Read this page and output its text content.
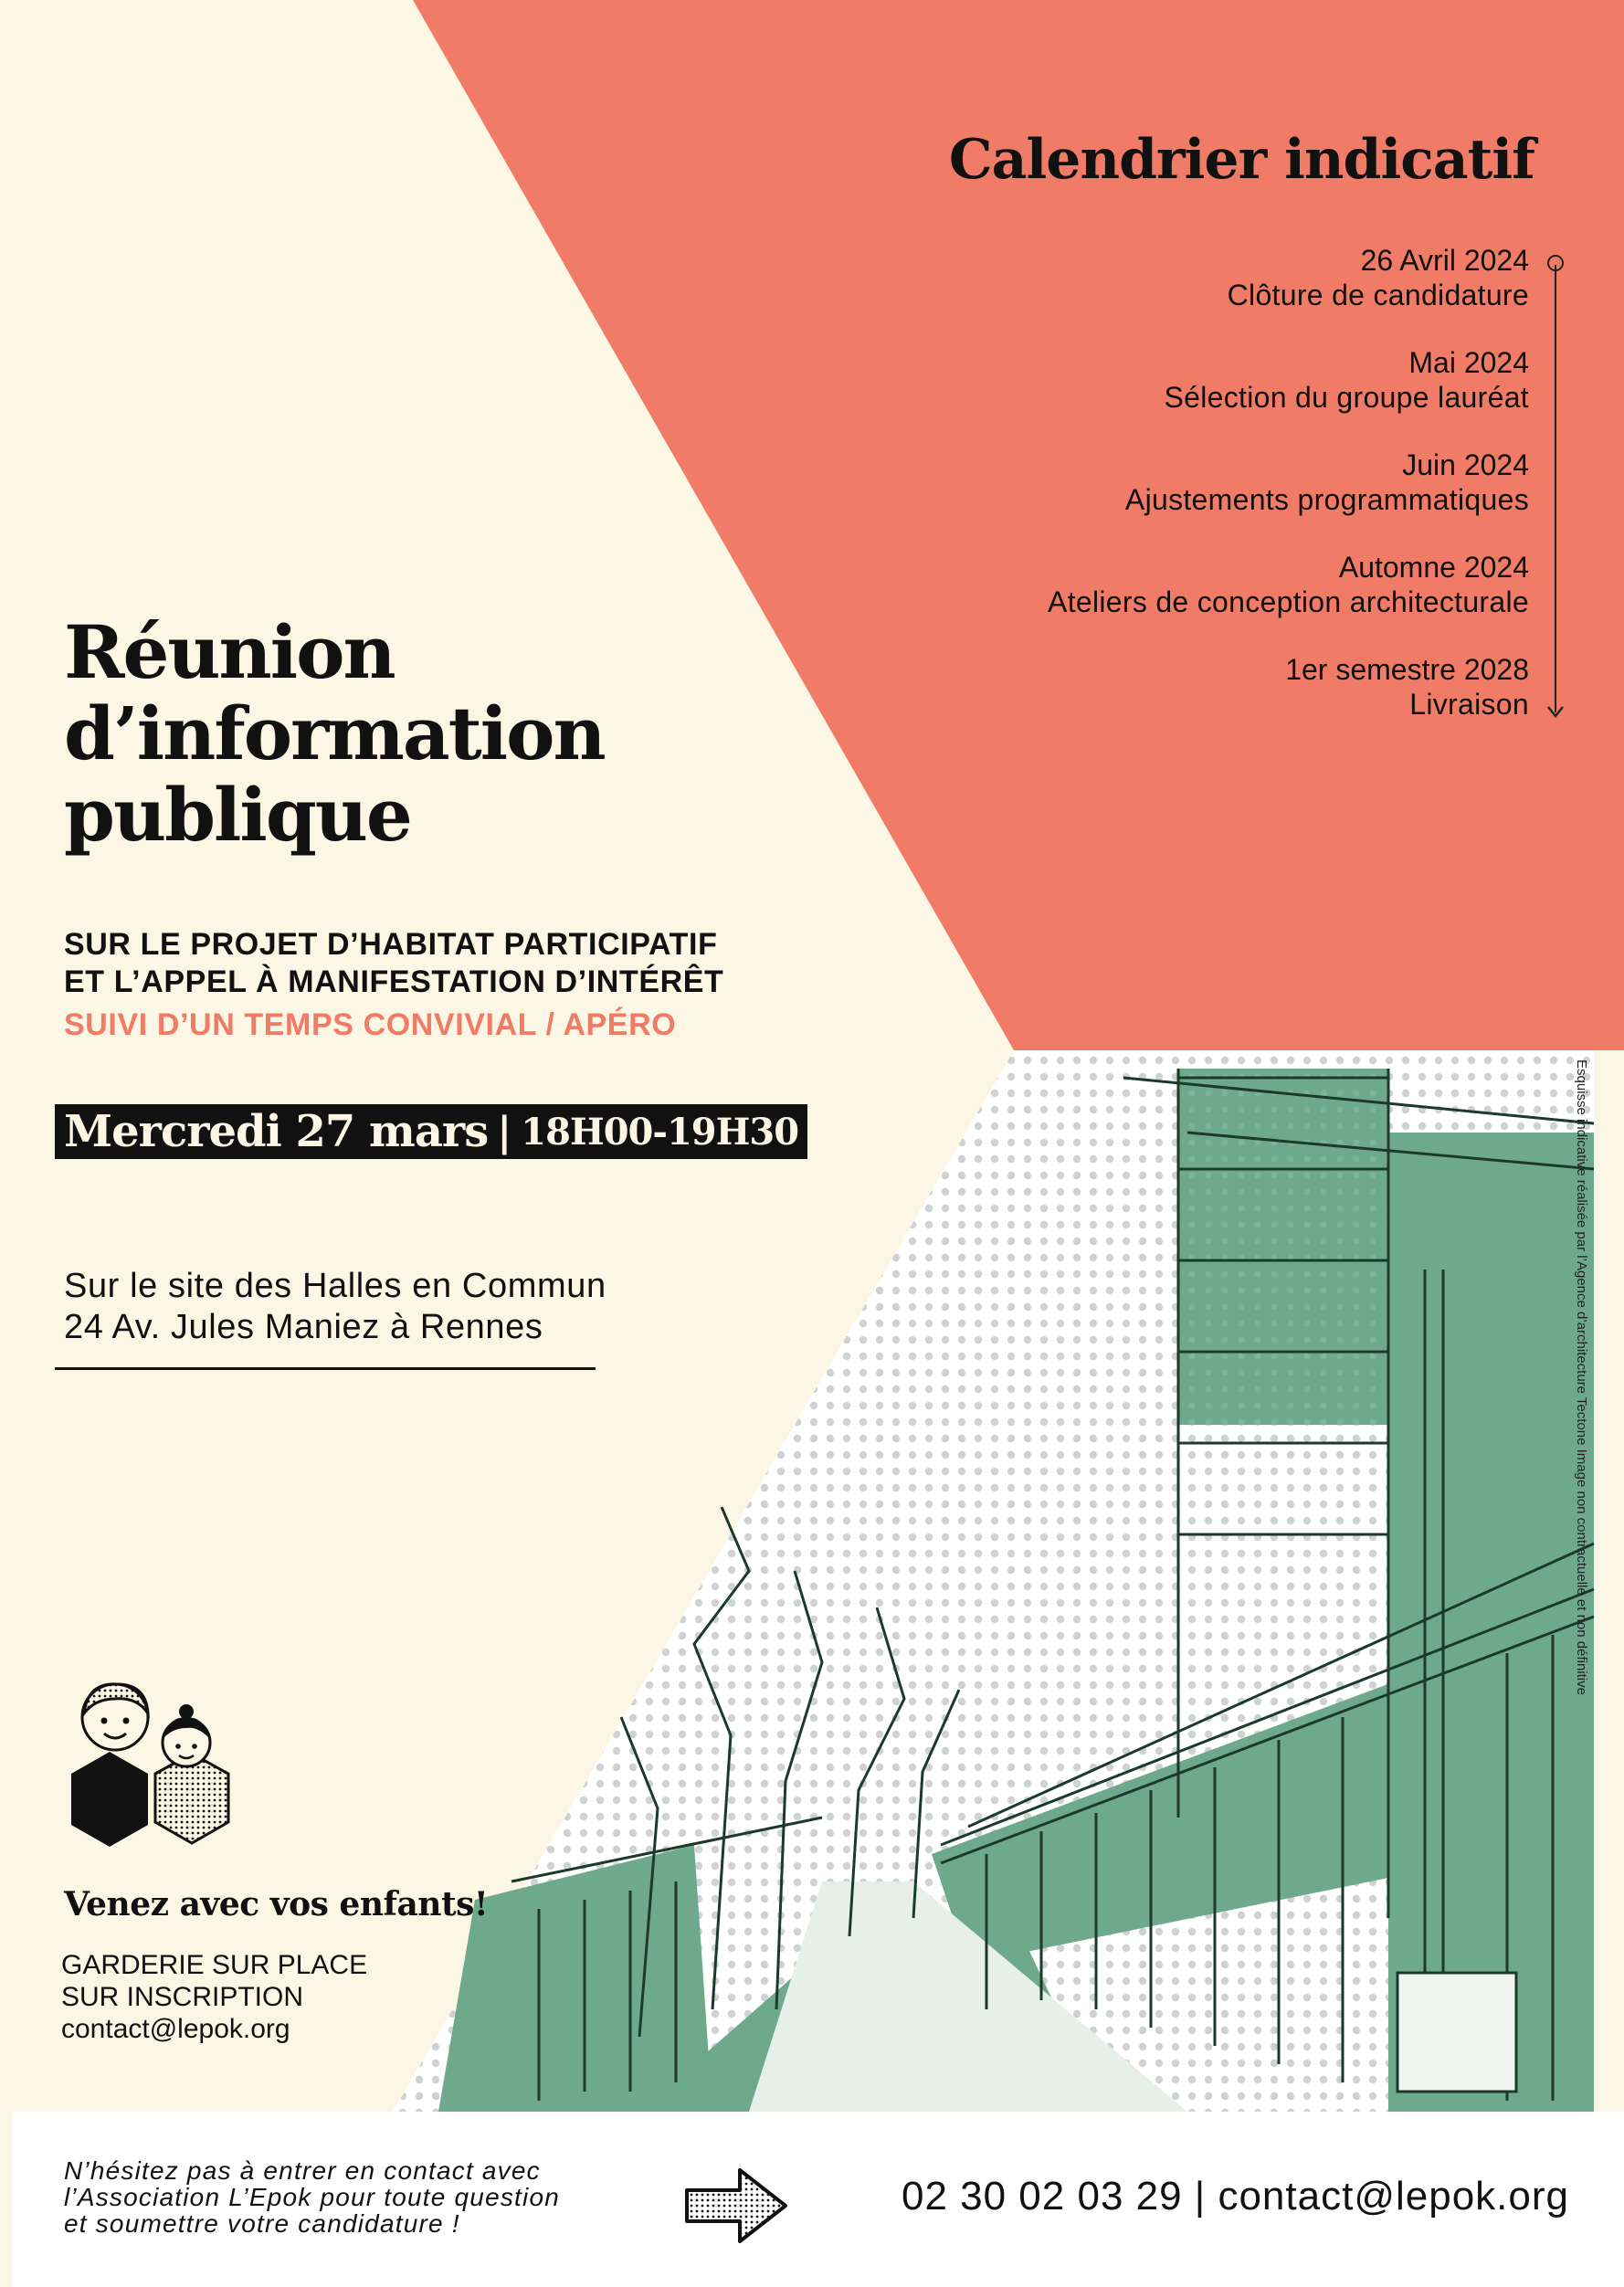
Calendrier indicatif
26 Avril 2024
Clôture de candidature
Mai 2024
Sélection du groupe lauréat
Juin 2024
Ajustements programmatiques
Automne 2024
Ateliers de conception architecturale
1er semestre 2028
Livraison
Réunion
d’information
publique
SUR LE PROJET D’HABITAT PARTICIPATIF
ET L’APPEL À MANIFESTATION D’INTÉRÊT
SUIVI D’UN TEMPS CONVIVIAL / APÉRO
Mercredi 27 mars | 18H00-19H30
Sur le site des Halles en Commun
24 Av. Jules Maniez à Rennes
Venez avec vos enfants!
GARDERIE SUR PLACE
SUR INSCRIPTION
contact@lepok.org
Esquisse indicative réalisée par l’Agence d’architecture Tectone Image non contractuelle et non définitive
N’hésitez pas à entrer en contact avec
l’Association L’Epok pour toute question
et soumettre votre candidature !
02 30 02 03 29 | contact@lepok.org
